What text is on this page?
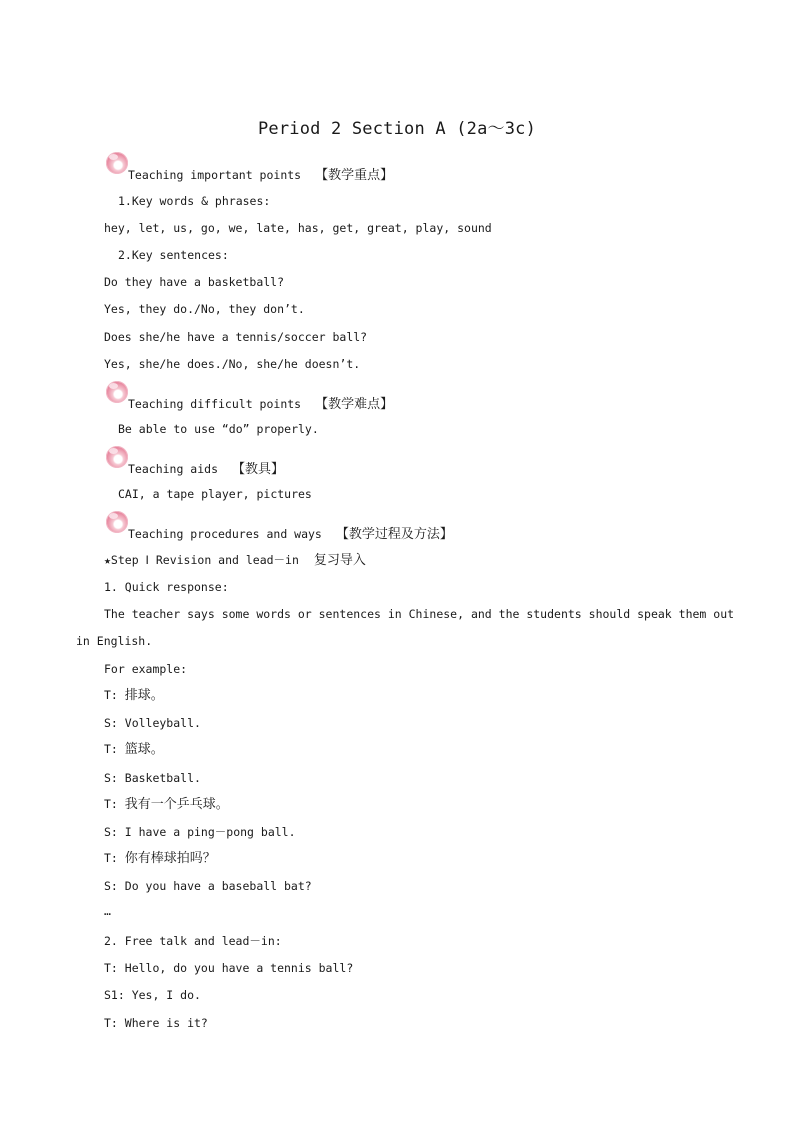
Period 2 Section A (2a～3c)
Teaching important points 【教学重点】
1.Key words & phrases:
hey, let, us, go, we, late, has, get, great, play, sound
2.Key sentences:
Do they have a basketball?
Yes, they do./No, they don’t.
Does she/he have a tennis/soccer ball?
Yes, she/he does./No, she/he doesn’t.
Teaching difficult points 【教学难点】
Be able to use “do” properly.
Teaching aids 【教具】
CAI, a tape player, pictures
Teaching procedures and ways 【教学过程及方法】
★Step Ⅰ Revision and lead－in 复习导入
1. Quick response:
The teacher says some words or sentences in Chinese, and the students should speak them out
in English.
For example:
T: 排球。
S: Volleyball.
T: 篮球。
S: Basketball.
T: 我有一个乒乓球。
S: I have a ping－pong ball.
T: 你有棒球拍吗？
S: Do you have a baseball bat?
…
2. Free talk and lead－in:
T: Hello, do you have a tennis ball?
S1: Yes, I do.
T: Where is it?
